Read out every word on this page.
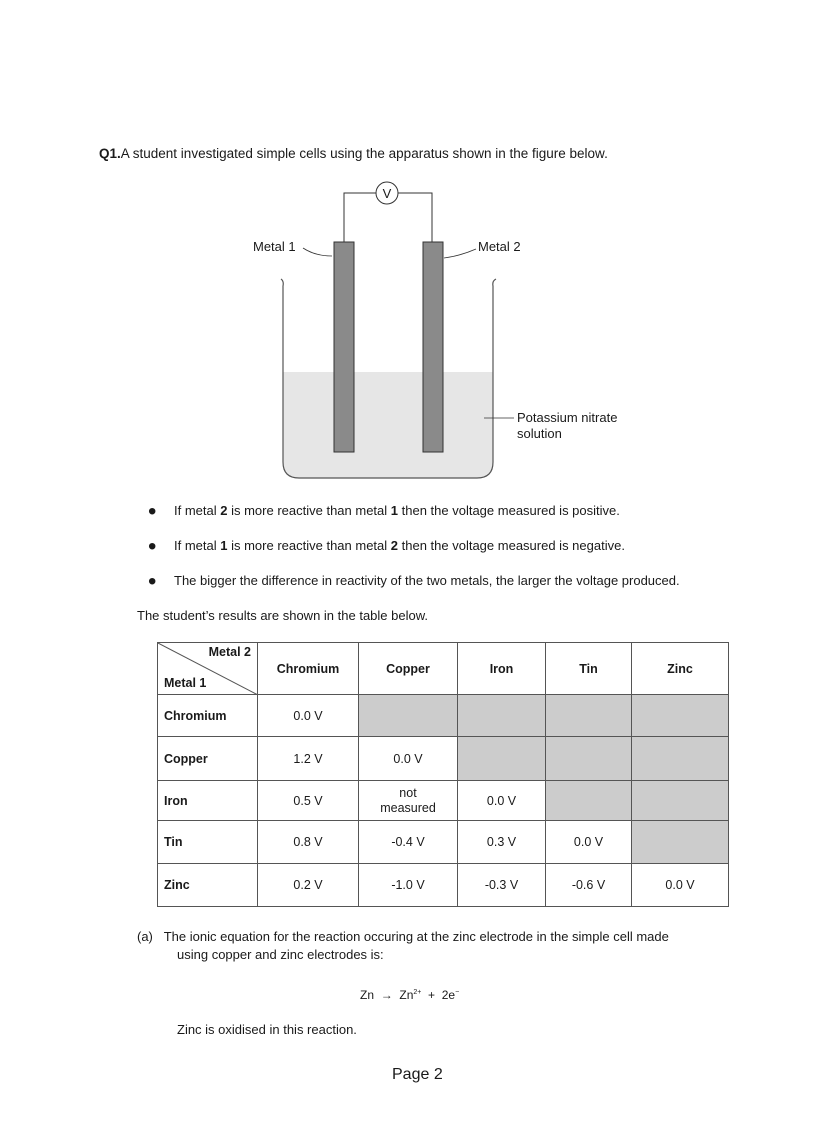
Q1.A student investigated simple cells using the apparatus shown in the figure below.
V
Metal 1	Metal 2
Potassium nitrate
solution
• If metal 2 is more reactive than metal 1 then the voltage measured is positive.
• If metal 1 is more reactive than metal 2 then the voltage measured is negative.
• The bigger the difference in reactivity of the two metals, the larger the voltage produced.
The student’s results are shown in the table below.
Metal 2
Metal 1	Chromium	Copper	Iron	Tin	Zinc
Chromium	0.0 V				
Copper	1.2 V	0.0 V			
Iron	0.5 V	not measured	0.0 V		
Tin	0.8 V	-0.4 V	0.3 V	0.0 V	
Zinc	0.2 V	-1.0 V	-0.3 V	-0.6 V	0.0 V
(a) The ionic equation for the reaction occuring at the zinc electrode in the simple cell made
using copper and zinc electrodes is:
$Zn \to Zn^{2+} + 2e^-$
Zinc is oxidised in this reaction.
Page 2
